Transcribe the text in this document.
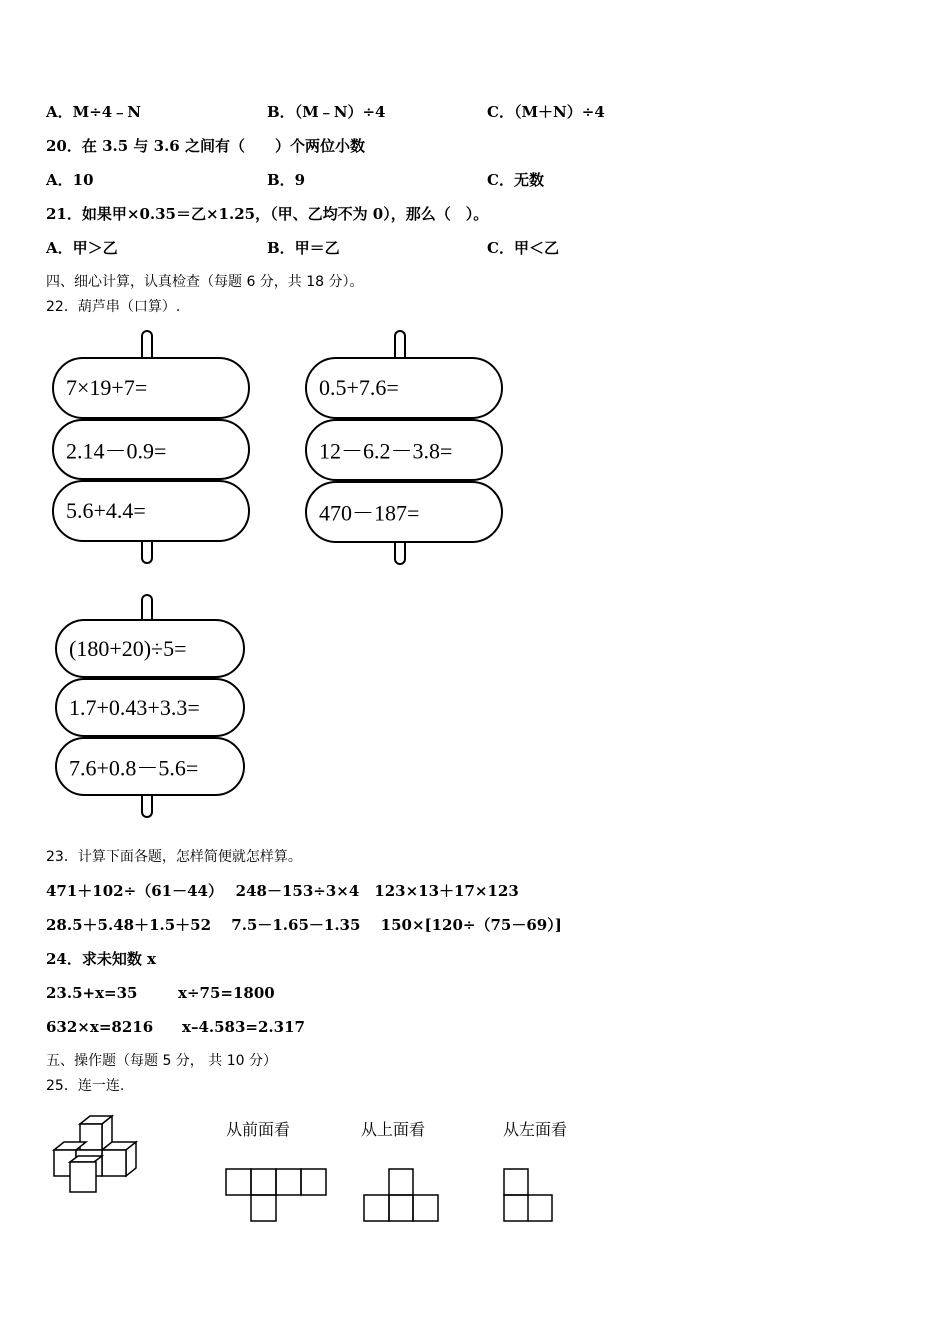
A．M÷4﹣N	B．（M﹣N）÷4	C．（M＋N）÷4
20．在 3.5 与 3.6 之间有（　　）个两位小数
A．10	B．9	C．无数
21．如果甲×0.35＝乙×1.25，（甲、乙均不为 0），那么（　）。
A．甲＞乙	B．甲＝乙	C．甲＜乙
四、细心计算，认真检查（每题 6 分，共 18 分）。
22．葫芦串（口算）.
7×19+7=
2.14－0.9=
5.6+4.4=
0.5+7.6=
12－6.2－3.8=
470－187=
(180+20)÷5=
1.7+0.43+3.3=
7.6+0.8－5.6=
23．计算下面各题，怎样简便就怎样算。
471＋102÷（61－44）　 248－153÷3×4　123×13＋17×123
28.5＋5.48＋1.5＋52　 7.5－1.65－1.35　 150×[120÷（75－69）]
24．求未知数 x
23.5+x=35	x÷75=1800
632×x=8216 x–4.583=2.317
五、操作题（每题 5 分， 共 10 分）
25．连一连.
从前面看	从上面看	从左面看
